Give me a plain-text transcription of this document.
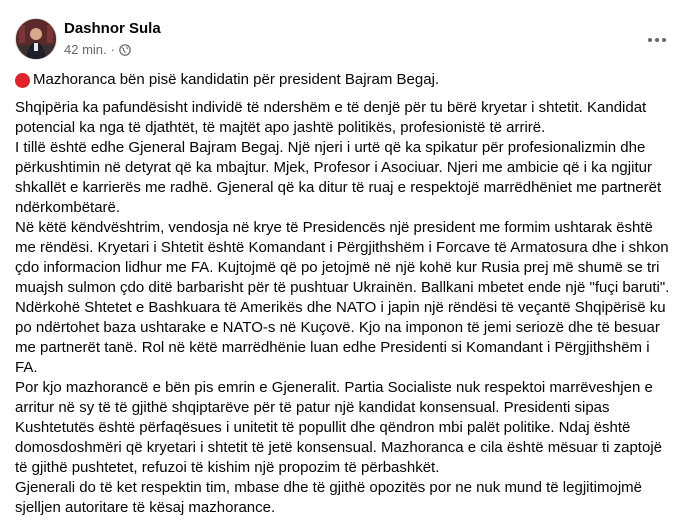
Dashnor Sula
42 min. ·
Mazhoranca bën pisë kandidatin për president Bajram Begaj.

Shqipëria ka pafundësisht individë të ndershëm e të denjë për tu bërë kryetar i shtetit. Kandidat potencial ka nga të djathtët, të majtët apo jashtë politikës, profesionistë të arrirë.

I tillë është edhe Gjeneral Bajram Begaj. Një njeri i urtë që ka spikatur për profesionalizmin dhe përkushtimin në detyrat që ka mbajtur. Mjek, Profesor i Asociuar. Njeri me ambicie që i ka ngjitur shkallët e karrierës me radhë. Gjeneral që ka ditur të ruaj e respektojë marrëdhëniet me partnerët ndërkombëtarë.

Në këtë këndvështrim, vendosja në krye të Presidencës një president me formim ushtarak është me rëndësi. Kryetari i Shtetit është Komandant i Përgjithshëm i Forcave të Armatosura dhe i shkon çdo informacion lidhur me FA. Kujtojmë që po jetojmë në një kohë kur Rusia prej më shumë se tri muajsh sulmon çdo ditë barbarisht për të pushtuar Ukrainën. Ballkani mbetet ende një "fuçi baruti". Ndërkohë Shtetet e Bashkuara të Amerikës dhe NATO i japin një rëndësi të veçantë Shqipërisë ku po ndërtohet baza ushtarake e NATO-s në Kuçovë. Kjo na imponon të jemi seriozë dhe të besuar me partnerët tanë. Rol në këtë marrëdhënie luan edhe Presidenti si Komandant i Përgjithshëm i FA.

Por kjo mazhorancë e bën pis emrin e Gjeneralit. Partia Socialiste nuk respektoi marrëveshjen e arritur në sy të të gjithë shqiptarëve për të patur një kandidat konsensual. Presidenti sipas Kushtetutës është përfaqësues i unitetit të popullit dhe qëndron mbi palët politike. Ndaj është domosdoshmëri që kryetari i shtetit të jetë konsensual. Mazhoranca e cila është mësuar ti zaptojë të gjithë pushtetet, refuzoi të kishim një propozim të përbashkët.

Gjenerali do të ket respektin tim, mbase dhe të gjithë opozitës por ne nuk mund të legjitimojmë sjelljen autoritare të kësaj mazhorance.
